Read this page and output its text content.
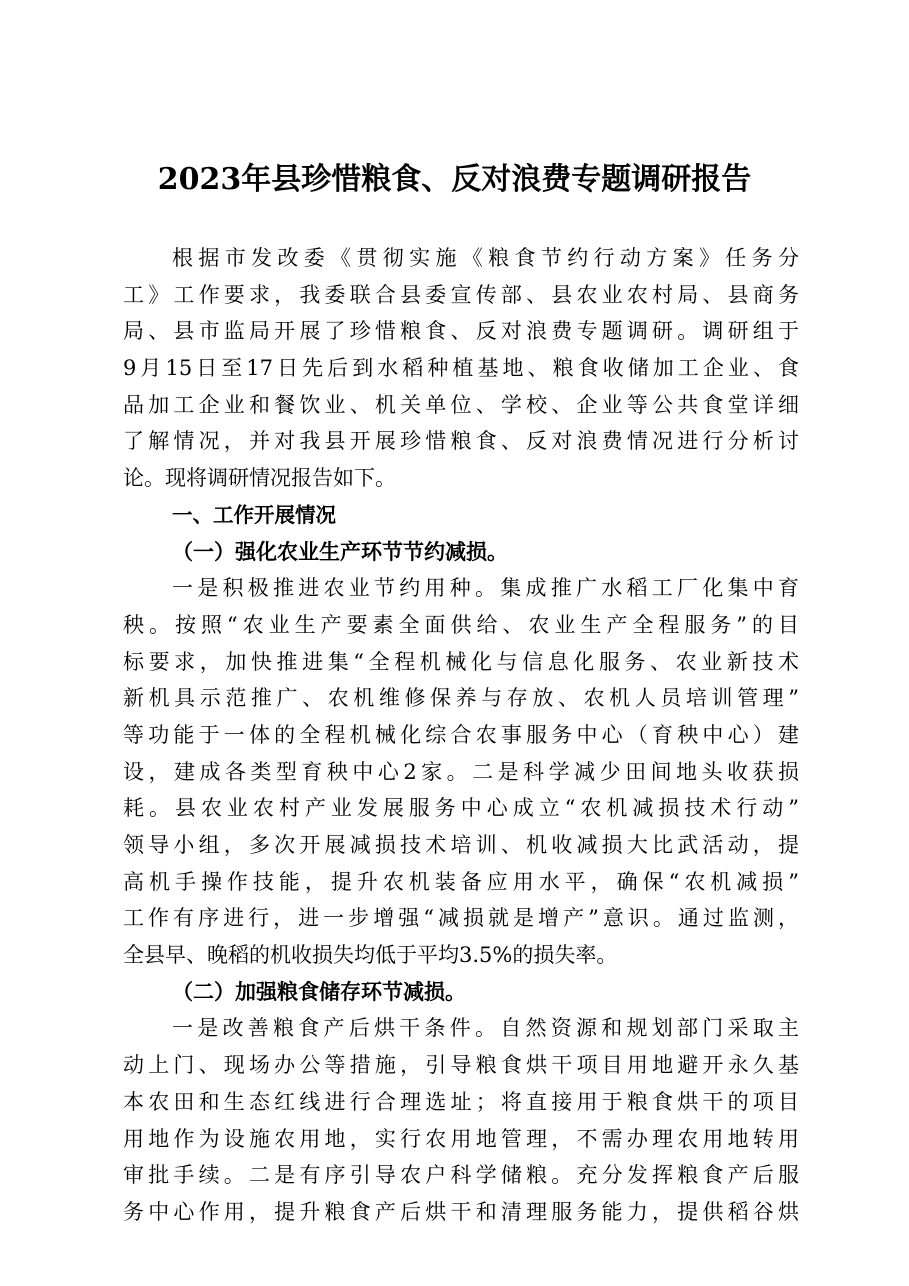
2023年县珍惜粮食、反对浪费专题调研报告
根据市发改委《贯彻实施《粮食节约行动方案》任务分
工》工作要求，我委联合县委宣传部、县农业农村局、县商务
局、县市监局开展了珍惜粮食、反对浪费专题调研。调研组于
9月15日至17日先后到水稻种植基地、粮食收储加工企业、食
品加工企业和餐饮业、机关单位、学校、企业等公共食堂详细
了解情况，并对我县开展珍惜粮食、反对浪费情况进行分析讨
论。现将调研情况报告如下。
一、工作开展情况
（一）强化农业生产环节节约减损。
一是积极推进农业节约用种。集成推广水稻工厂化集中育
秧。按照“农业生产要素全面供给、农业生产全程服务”的目
标要求，加快推进集“全程机械化与信息化服务、农业新技术
新机具示范推广、农机维修保养与存放、农机人员培训管理”
等功能于一体的全程机械化综合农事服务中心（育秧中心）建
设，建成各类型育秧中心2家。二是科学减少田间地头收获损
耗。县农业农村产业发展服务中心成立“农机减损技术行动”
领导小组，多次开展减损技术培训、机收减损大比武活动，提
高机手操作技能，提升农机装备应用水平，确保“农机减损”
工作有序进行，进一步增强“减损就是增产”意识。通过监测，
全县早、晚稻的机收损失均低于平均3.5%的损失率。
（二）加强粮食储存环节减损。
一是改善粮食产后烘干条件。自然资源和规划部门采取主
动上门、现场办公等措施，引导粮食烘干项目用地避开永久基
本农田和生态红线进行合理选址；将直接用于粮食烘干的项目
用地作为设施农用地，实行农用地管理，不需办理农用地转用
审批手续。二是有序引导农户科学储粮。充分发挥粮食产后服
务中心作用，提升粮食产后烘干和清理服务能力，提供稻谷烘
